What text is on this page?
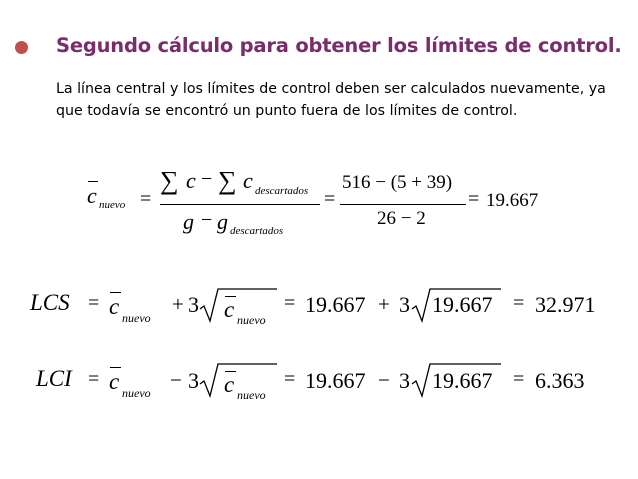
Segundo cálculo para obtener los límites de control.
La línea central y los límites de control deben ser calculados nuevamente, ya que todavía se encontró un punto fuera de los límites de control.
c nuevo =
∑ c − ∑ c descartados
g − g descartados
=
516 − (5 + 39)
26 − 2
= 19.667
LCS = c nuevo
+ 3 c nuevo
= 19.667 + 3 19.667 = 32.971
LCI = c nuevo
− 3 c nuevo
= 19.667 − 3 19.667 = 6.363
